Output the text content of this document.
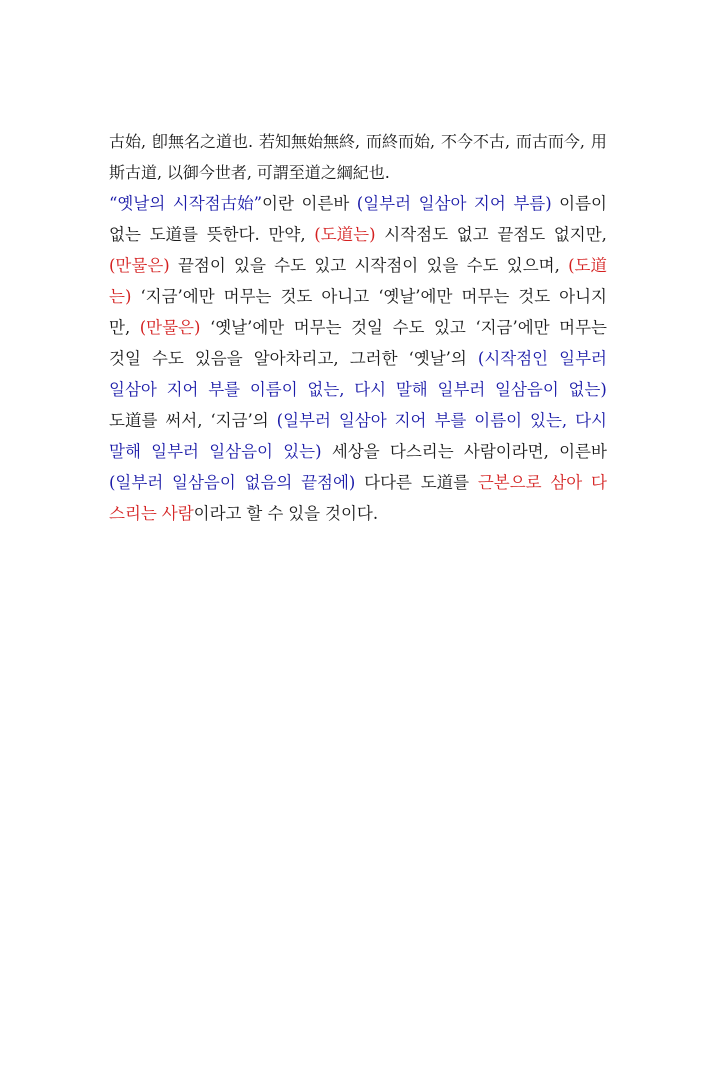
古始, 卽無名之道也. 若知無始無終, 而終而始, 不今不古, 而古而今, 用
斯古道, 以御今世者, 可謂至道之綱紀也.
“옛날의 시작점古始”이란 이른바 (일부러 일삼아 지어 부름) 이름이
없는 도道를 뜻한다. 만약, (도道는) 시작점도 없고 끝점도 없지만,
(만물은) 끝점이 있을 수도 있고 시작점이 있을 수도 있으며, (도道
는) ‘지금’에만 머무는 것도 아니고 ‘옛날’에만 머무는 것도 아니지
만, (만물은) ‘옛날’에만 머무는 것일 수도 있고 ‘지금’에만 머무는
것일 수도 있음을 알아차리고, 그러한 ‘옛날’의 (시작점인 일부러
일삼아 지어 부를 이름이 없는, 다시 말해 일부러 일삼음이 없는)
도道를 써서, ‘지금’의 (일부러 일삼아 지어 부를 이름이 있는, 다시
말해 일부러 일삼음이 있는) 세상을 다스리는 사람이라면, 이른바
(일부러 일삼음이 없음의 끝점에) 다다른 도道를 근본으로 삼아 다
스리는 사람이라고 할 수 있을 것이다.
